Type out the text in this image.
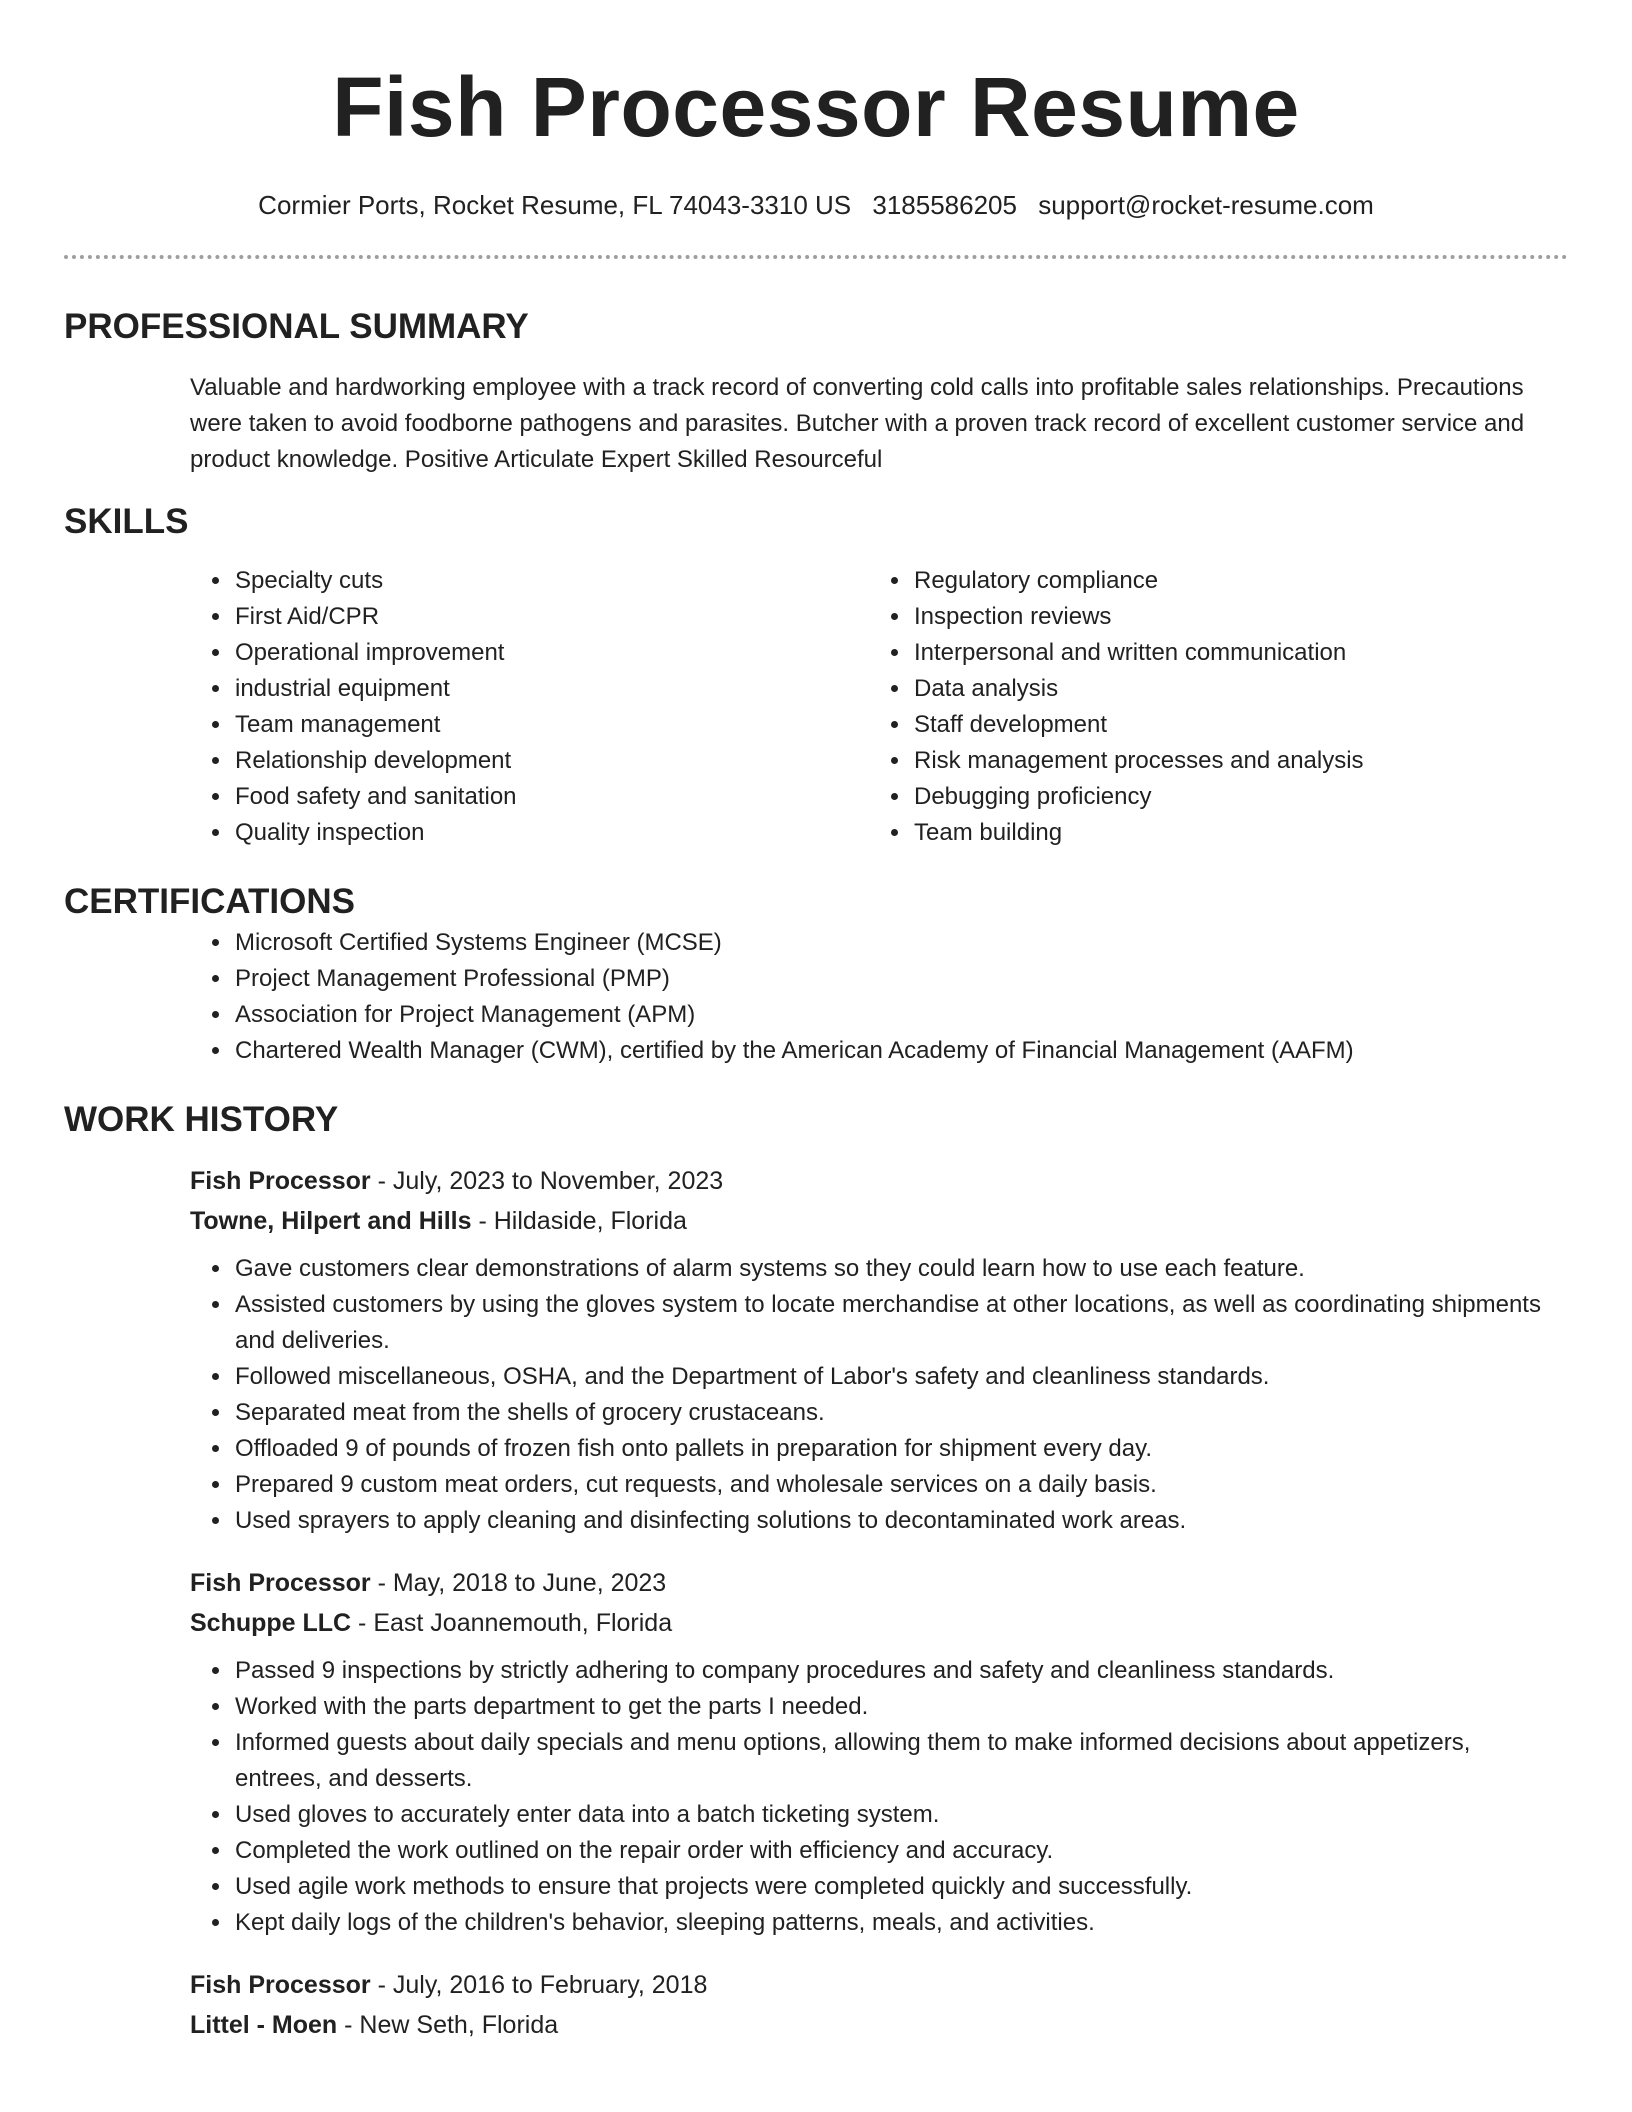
Fish Processor Resume
Cormier Ports, Rocket Resume, FL 74043-3310 US 3185586205 support@rocket-resume.com
PROFESSIONAL SUMMARY

Valuable and hardworking employee with a track record of converting cold calls into profitable sales relationships. Precautions were taken to avoid foodborne pathogens and parasites. Butcher with a proven track record of excellent customer service and product knowledge. Positive Articulate Expert Skilled Resourceful

SKILLS
• Specialty cuts
• First Aid/CPR
• Operational improvement
• industrial equipment
• Team management
• Relationship development
• Food safety and sanitation
• Quality inspection
• Regulatory compliance
• Inspection reviews
• Interpersonal and written communication
• Data analysis
• Staff development
• Risk management processes and analysis
• Debugging proficiency
• Team building
CERTIFICATIONS
• Microsoft Certified Systems Engineer (MCSE)
• Project Management Professional (PMP)
• Association for Project Management (APM)
• Chartered Wealth Manager (CWM), certified by the American Academy of Financial Management (AAFM)
WORK HISTORY
Fish Processor - July, 2023 to November, 2023
Towne, Hilpert and Hills - Hildaside, Florida
• Gave customers clear demonstrations of alarm systems so they could learn how to use each feature.
• Assisted customers by using the gloves system to locate merchandise at other locations, as well as coordinating shipments and deliveries.
• Followed miscellaneous, OSHA, and the Department of Labor's safety and cleanliness standards.
• Separated meat from the shells of grocery crustaceans.
• Offloaded 9 of pounds of frozen fish onto pallets in preparation for shipment every day.
• Prepared 9 custom meat orders, cut requests, and wholesale services on a daily basis.
• Used sprayers to apply cleaning and disinfecting solutions to decontaminated work areas.
Fish Processor - May, 2018 to June, 2023
Schuppe LLC - East Joannemouth, Florida
• Passed 9 inspections by strictly adhering to company procedures and safety and cleanliness standards.
• Worked with the parts department to get the parts I needed.
• Informed guests about daily specials and menu options, allowing them to make informed decisions about appetizers, entrees, and desserts.
• Used gloves to accurately enter data into a batch ticketing system.
• Completed the work outlined on the repair order with efficiency and accuracy.
• Used agile work methods to ensure that projects were completed quickly and successfully.
• Kept daily logs of the children's behavior, sleeping patterns, meals, and activities.
Fish Processor - July, 2016 to February, 2018
Littel - Moen - New Seth, Florida
